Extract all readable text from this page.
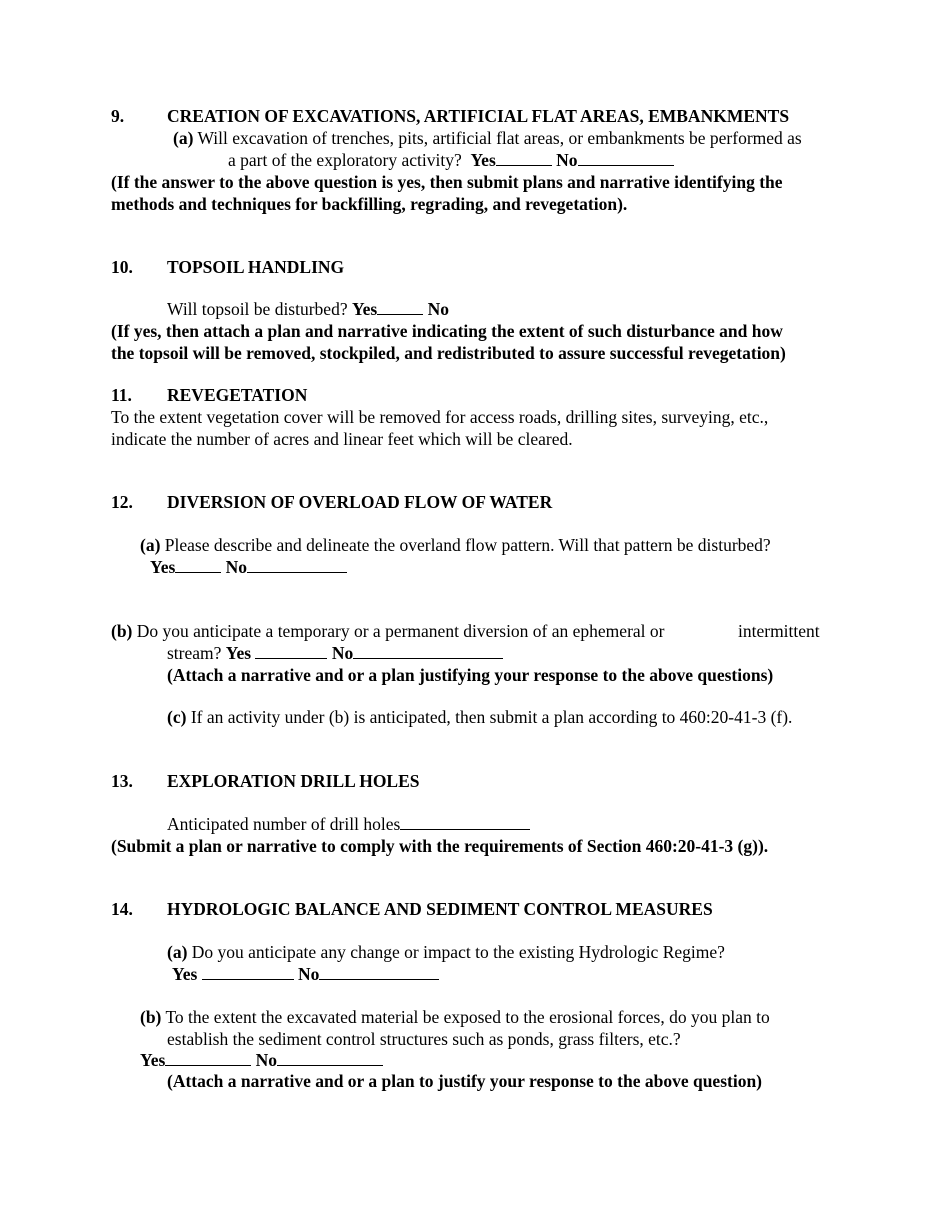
9. CREATION OF EXCAVATIONS, ARTIFICIAL FLAT AREAS, EMBANKMENTS
(a) Will excavation of trenches, pits, artificial flat areas, or embankments be performed as
a part of the exploratory activity? Yes	No
(If the answer to the above question is yes, then submit plans and narrative identifying the
methods and techniques for backfilling, regrading, and revegetation).
10. TOPSOIL HANDLING
Will topsoil be disturbed? Yes	No
(If yes, then attach a plan and narrative indicating the extent of such disturbance and how
the topsoil will be removed, stockpiled, and redistributed to assure successful revegetation)
11. REVEGETATION
To the extent vegetation cover will be removed for access roads, drilling sites, surveying, etc.,
indicate the number of acres and linear feet which will be cleared.
12. DIVERSION OF OVERLOAD FLOW OF WATER
(a) Please describe and delineate the overland flow pattern. Will that pattern be disturbed?
Yes	No
(b) Do you anticipate a temporary or a permanent diversion of an ephemeral or	intermittent
stream? Yes	No
(Attach a narrative and or a plan justifying your response to the above questions)
(c) If an activity under (b) is anticipated, then submit a plan according to 460:20-41-3 (f).
13. EXPLORATION DRILL HOLES
Anticipated number of drill holes
(Submit a plan or narrative to comply with the requirements of Section 460:20-41-3 (g)).
14. HYDROLOGIC BALANCE AND SEDIMENT CONTROL MEASURES
(a) Do you anticipate any change or impact to the existing Hydrologic Regime?
Yes	No
(b) To the extent the excavated material be exposed to the erosional forces, do you plan to
establish the sediment control structures such as ponds, grass filters, etc.?
Yes	No
(Attach a narrative and or a plan to justify your response to the above question)
